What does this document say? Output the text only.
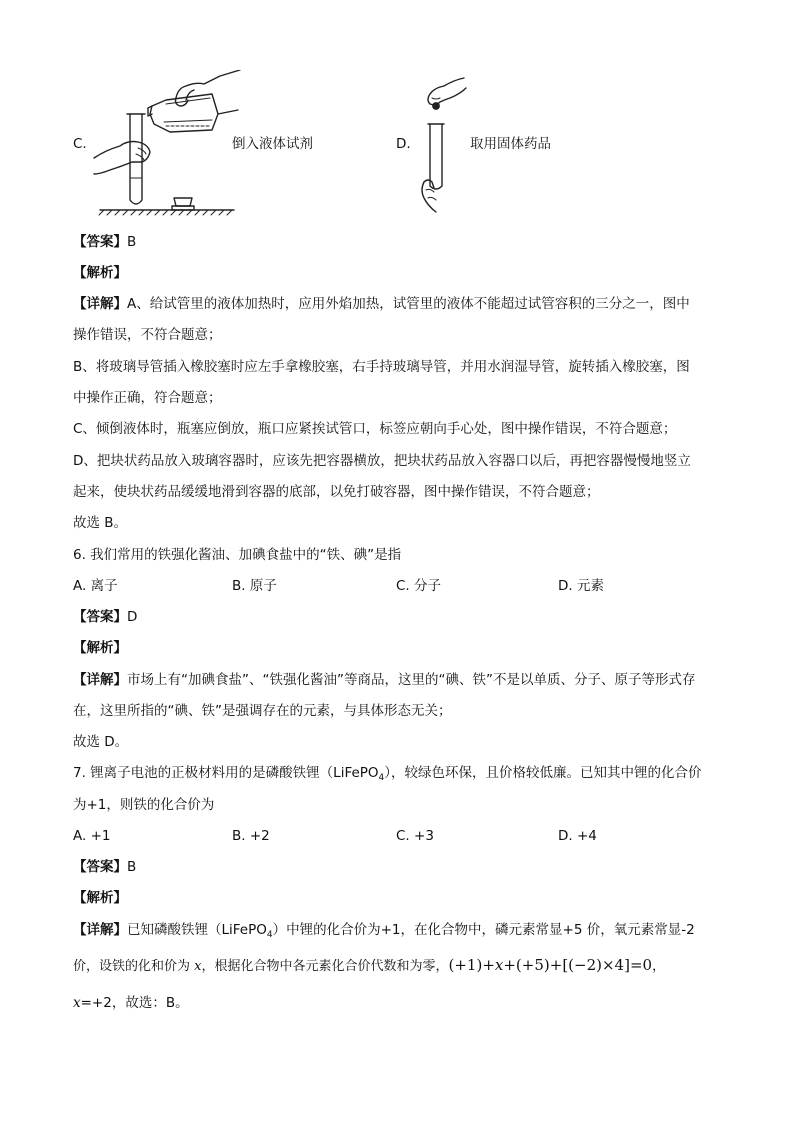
C.	倒入液体试剂	D.	取用固体药品
【答案】B
【解析】
【详解】A、给试管里的液体加热时，应用外焰加热，试管里的液体不能超过试管容积的三分之一，图中
操作错误，不符合题意；
B、将玻璃导管插入橡胶塞时应左手拿橡胶塞，右手持玻璃导管，并用水润湿导管，旋转插入橡胶塞，图
中操作正确，符合题意；
C、倾倒液体时，瓶塞应倒放，瓶口应紧挨试管口，标签应朝向手心处，图中操作错误，不符合题意；
D、把块状药品放入玻璃容器时，应该先把容器横放，把块状药品放入容器口以后，再把容器慢慢地竖立
起来，使块状药品缓缓地滑到容器的底部，以免打破容器，图中操作错误，不符合题意；
故选 B。
6. 我们常用的铁强化酱油、加碘食盐中的“铁、碘”是指
A. 离子	B. 原子	C. 分子	D. 元素
【答案】D
【解析】
【详解】市场上有“加碘食盐”、“铁强化酱油”等商品，这里的“碘、铁”不是以单质、分子、原子等形式存
在，这里所指的“碘、铁”是强调存在的元素，与具体形态无关；
故选 D。
7. 锂离子电池的正极材料用的是磷酸铁锂（LiFePO$_4$），较绿色环保，且价格较低廉。已知其中锂的化合价
为+1，则铁的化合价为
A. +1	B. +2	C. +3	D. +4
【答案】B
【解析】
【详解】已知磷酸铁锂（LiFePO$_4$）中锂的化合价为+1，在化合物中，磷元素常显+5 价，氧元素常显-2
价，设铁的化和价为 x，根据化合物中各元素化合价代数和为零，(+1)+x+(+5)+[(−2)×4]=0，
x=+2，故选：B。
